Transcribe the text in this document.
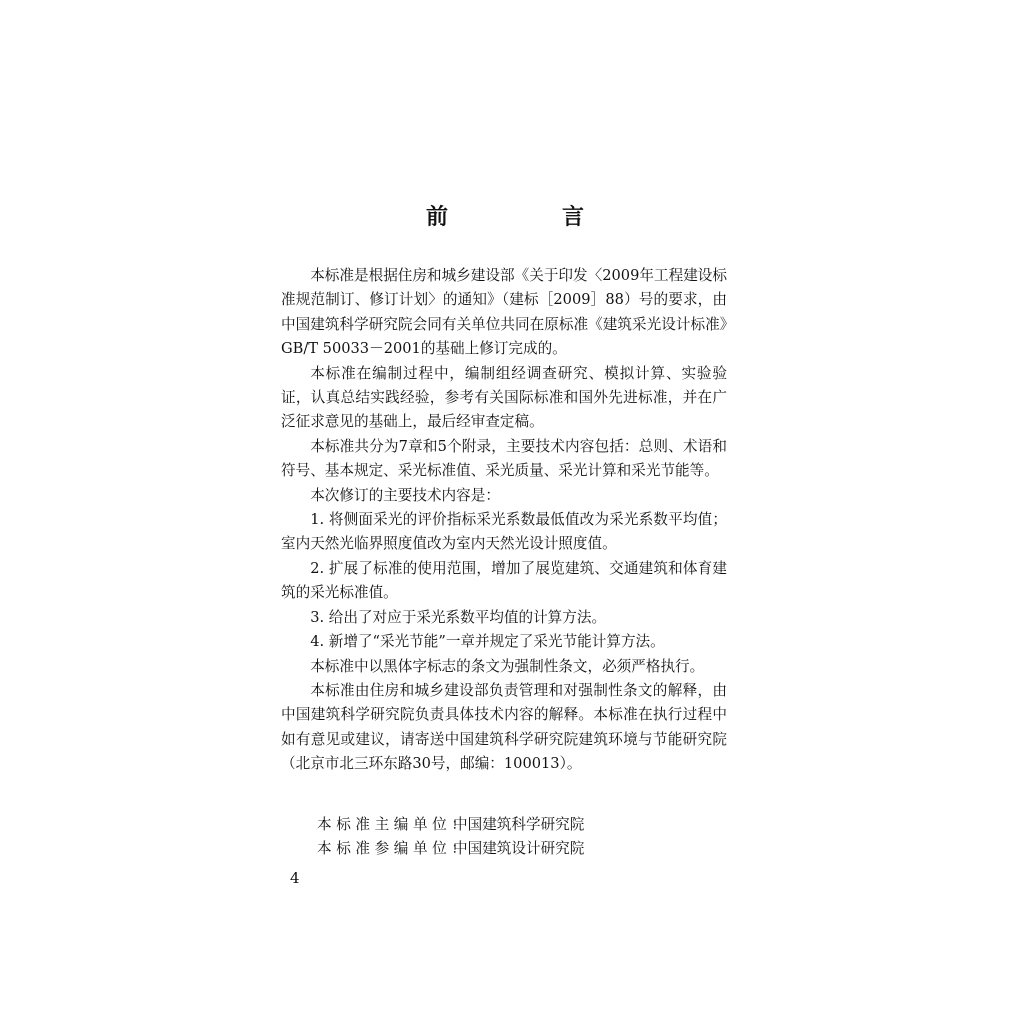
前　言

本标准是根据住房和城乡建设部《关于印发〈2009年工程建设标准规范制订、修订计划〉的通知》（建标［2009］88）号的要求，由中国建筑科学研究院会同有关单位共同在原标准《建筑采光设计标准》GB/T 50033－2001的基础上修订完成的。

本标准在编制过程中，编制组经调查研究、模拟计算、实验验证，认真总结实践经验，参考有关国际标准和国外先进标准，并在广泛征求意见的基础上，最后经审查定稿。

本标准共分为7章和5个附录，主要技术内容包括：总则、术语和符号、基本规定、采光标准值、采光质量、采光计算和采光节能等。

本次修订的主要技术内容是：

1. 将侧面采光的评价指标采光系数最低值改为采光系数平均值；室内天然光临界照度值改为室内天然光设计照度值。

2. 扩展了标准的使用范围，增加了展览建筑、交通建筑和体育建筑的采光标准值。

3. 给出了对应于采光系数平均值的计算方法。

4. 新增了“采光节能”一章并规定了采光节能计算方法。

本标准中以黑体字标志的条文为强制性条文，必须严格执行。

本标准由住房和城乡建设部负责管理和对强制性条文的解释，由中国建筑科学研究院负责具体技术内容的解释。本标准在执行过程中如有意见或建议，请寄送中国建筑科学研究院建筑环境与节能研究院（北京市北三环东路30号，邮编：100013）。

本标准主编单位：
中国建筑科学研究院
本标准参编单位：
中国建筑设计研究院
4
